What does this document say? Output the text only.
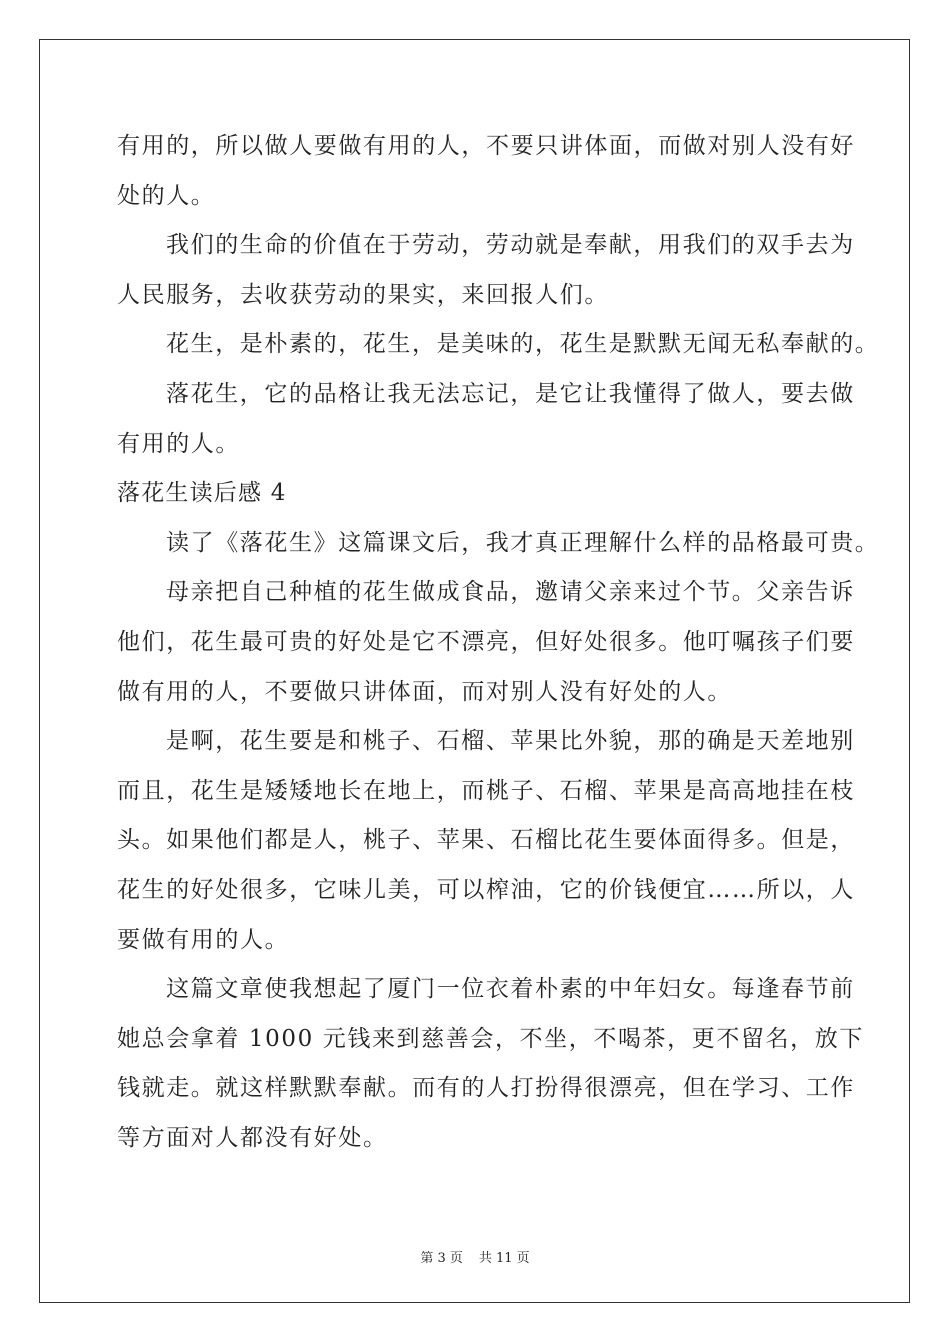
有用的，所以做人要做有用的人，不要只讲体面，而做对别人没有好
处的人。
我们的生命的价值在于劳动，劳动就是奉献，用我们的双手去为
人民服务，去收获劳动的果实，来回报人们。
花生，是朴素的，花生，是美味的，花生是默默无闻无私奉献的。
落花生，它的品格让我无法忘记，是它让我懂得了做人，要去做
有用的人。
落花生读后感 4
读了《落花生》这篇课文后，我才真正理解什么样的品格最可贵。
母亲把自己种植的花生做成食品，邀请父亲来过个节。父亲告诉
他们，花生最可贵的好处是它不漂亮，但好处很多。他叮嘱孩子们要
做有用的人，不要做只讲体面，而对别人没有好处的人。
是啊，花生要是和桃子、石榴、苹果比外貌，那的确是天差地别
而且，花生是矮矮地长在地上，而桃子、石榴、苹果是高高地挂在枝
头。如果他们都是人，桃子、苹果、石榴比花生要体面得多。但是，
花生的好处很多，它味儿美，可以榨油，它的价钱便宜……所以，人
要做有用的人。
这篇文章使我想起了厦门一位衣着朴素的中年妇女。每逢春节前
她总会拿着 1000 元钱来到慈善会，不坐，不喝茶，更不留名，放下
钱就走。就这样默默奉献。而有的人打扮得很漂亮，但在学习、工作
等方面对人都没有好处。
第 3 页 共 11 页
